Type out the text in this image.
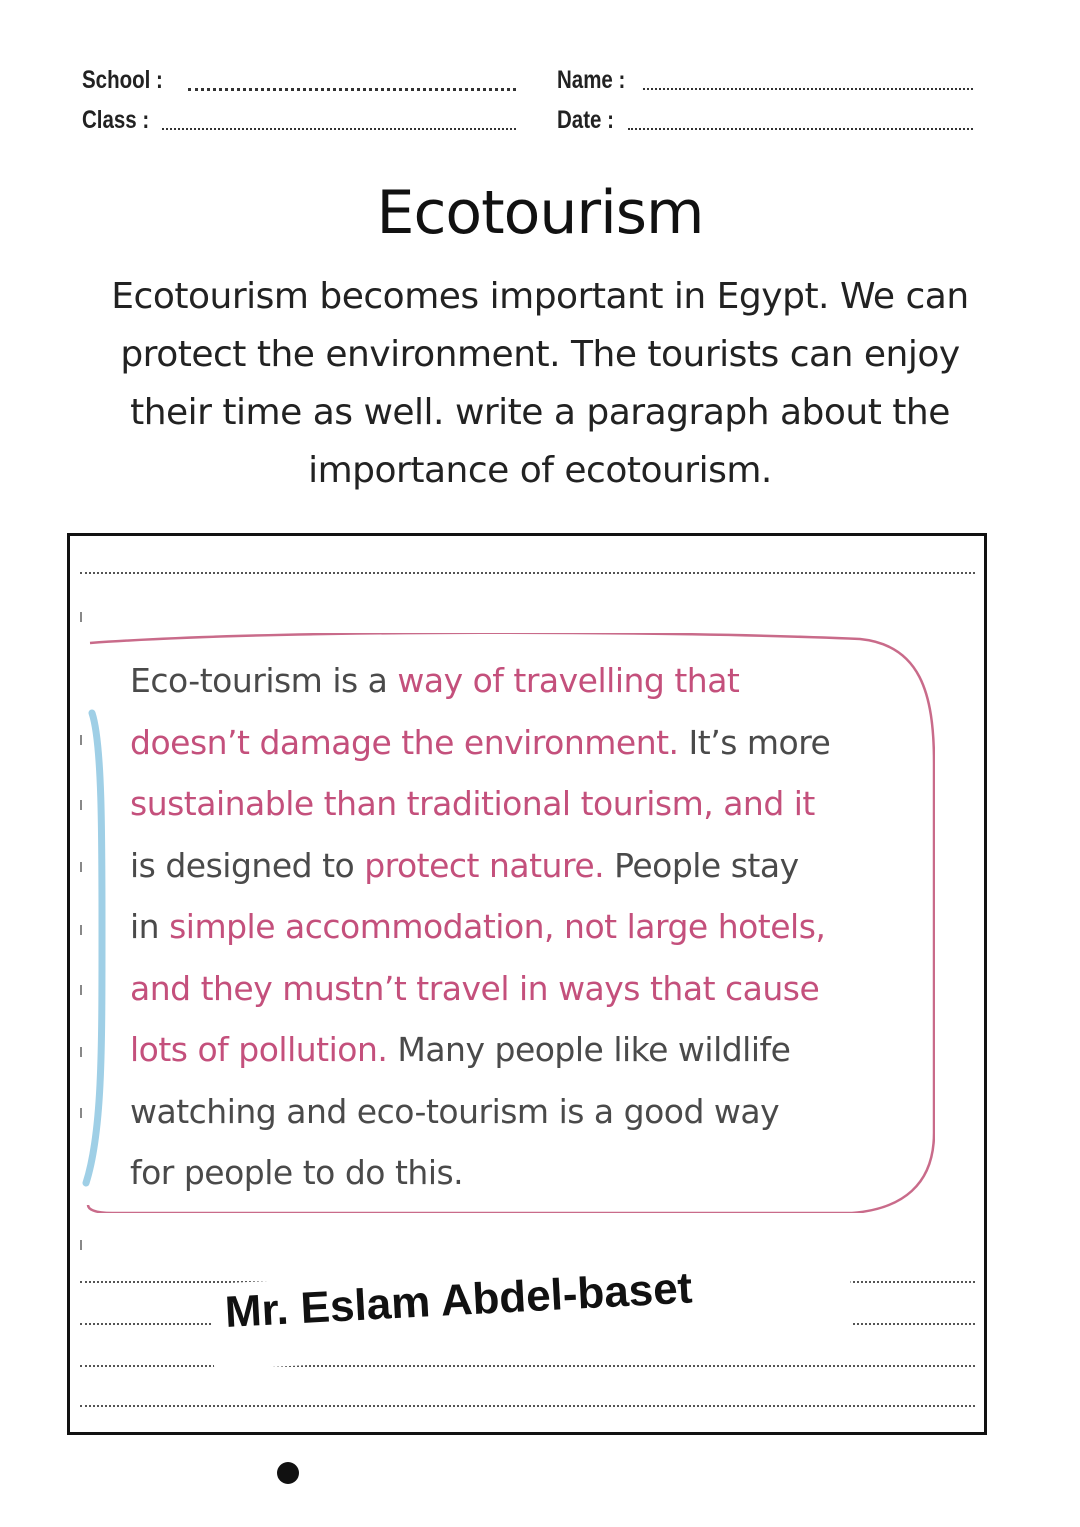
School :
Class :
Name :
Date :
Ecotourism
Ecotourism becomes important in Egypt. We can
protect the environment. The tourists can enjoy
their time as well. write a paragraph about the
importance of ecotourism.
Eco-tourism is a way of travelling that
doesn’t damage the environment. It’s more
sustainable than traditional tourism, and it
is designed to protect nature. People stay
in simple accommodation, not large hotels,
and they mustn’t travel in ways that cause
lots of pollution. Many people like wildlife
watching and eco-tourism is a good way
for people to do this.
Mr. Eslam Abdel-baset
